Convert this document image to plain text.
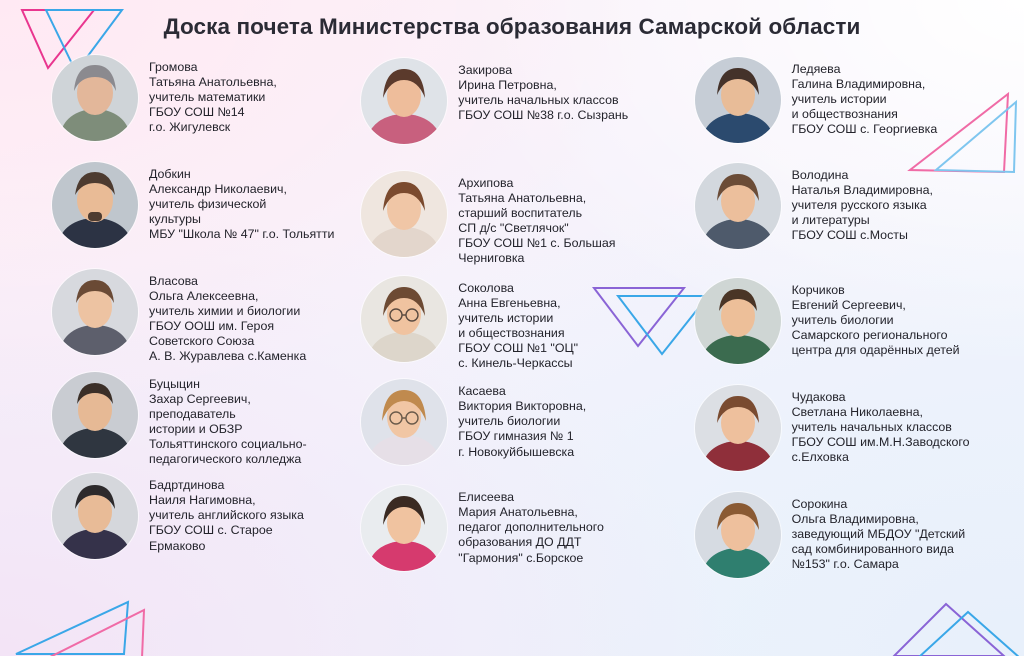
Доска почета Министерства образования Самарской области
Громова
Татьяна Анатольевна,
учитель математики
ГБОУ СОШ №14
г.о. Жигулевск
Добкин
Александр Николаевич,
учитель физической
культуры
МБУ "Школа № 47" г.о. Тольятти
Власова
Ольга Алексеевна,
учитель химии и биологии
ГБОУ ООШ им. Героя
Советского Союза
А. В. Журавлева с.Каменка
Буцыцин
Захар Сергеевич,
преподаватель
истории и ОБЗР
Тольяттинского социально-
педагогического колледжа
Бадртдинова
Наиля Нагимовна,
учитель английского языка
ГБОУ СОШ с. Старое
Ермаково
Закирова
Ирина Петровна,
учитель начальных классов
ГБОУ СОШ №38 г.о. Сызрань
Архипова
Татьяна Анатольевна,
старший воспитатель
СП д/с "Светлячок"
ГБОУ СОШ №1 с. Большая
Черниговка
Соколова
Анна Евгеньевна,
учитель истории
и обществознания
ГБОУ СОШ №1 "ОЦ"
с. Кинель-Черкассы
Касаева
Виктория Викторовна,
учитель биологии
ГБОУ гимназия № 1
г. Новокуйбышевска
Елисеева
Мария Анатольевна,
педагог дополнительного
образования ДО ДДТ
"Гармония" с.Борское
Ледяева
Галина Владимировна,
учитель истории
и обществознания
ГБОУ СОШ с. Георгиевка
Володина
Наталья Владимировна,
учителя русского языка
и литературы
ГБОУ СОШ с.Мосты
Корчиков
Евгений Сергеевич,
учитель биологии
Самарского регионального
центра для одарённых детей
Чудакова
Светлана Николаевна,
учитель начальных классов
ГБОУ СОШ им.М.Н.Заводского
с.Елховка
Сорокина
Ольга Владимировна,
заведующий МБДОУ "Детский
сад комбинированного вида
№153" г.о. Самара
